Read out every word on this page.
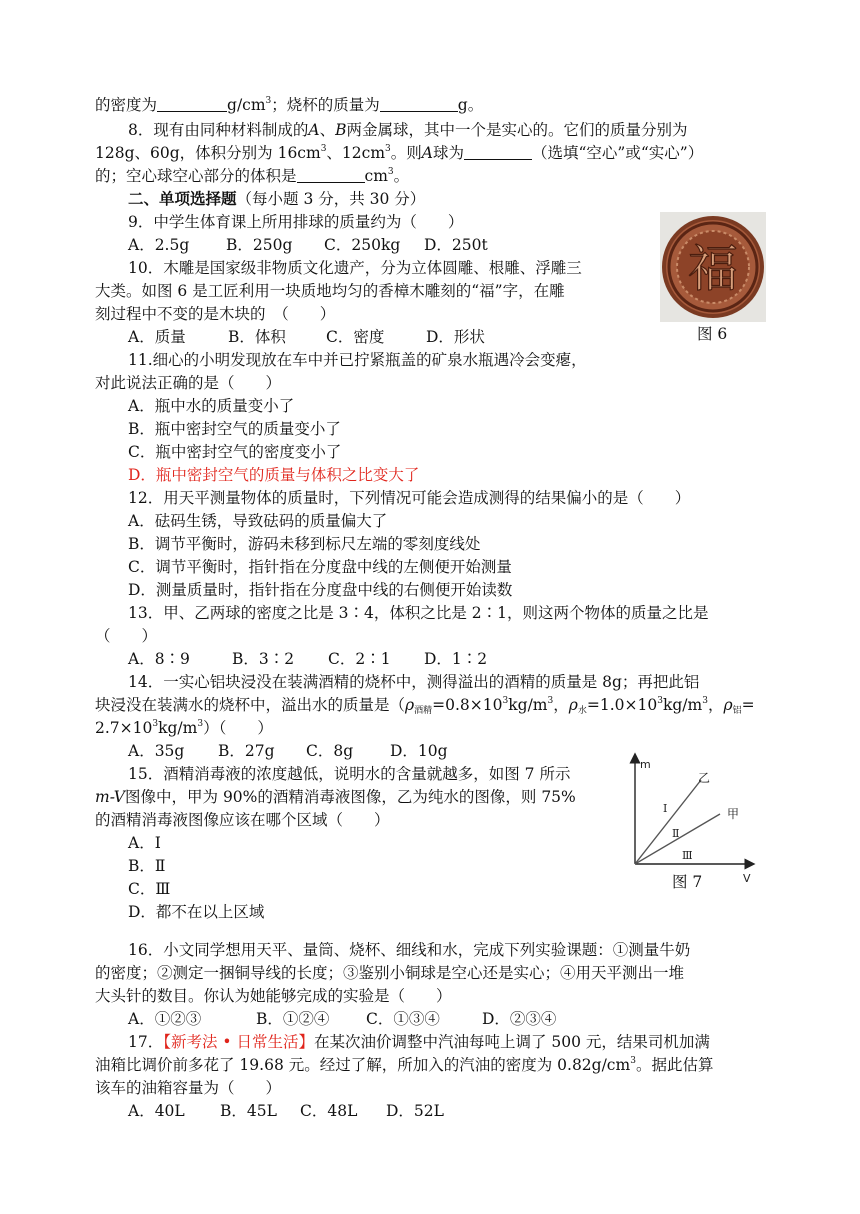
的密度为	$g/cm^3$；烧杯的质量为	g。
8．现有由同种材料制成的A、B两金属球，其中一个是实心的。它们的质量分别为
128g、60g，体积分别为 $16cm^3$、$12cm^3$。则A球为	（选填“空心”或“实心”）
的；空心球空心部分的体积是	$cm^3$。
二、单项选择题（每小题 3 分，共 30 分）
9．中学生体育课上所用排球的质量约为（　　）
A．2.5g B．250g C．250kg D．250t
10．木雕是国家级非物质文化遗产，分为立体圆雕、根雕、浮雕三
大类。如图 6 是工匠利用一块质地均匀的香樟木雕刻的“福”字，在雕
刻过程中不变的是木块的　（　　）
A．质量	B．体积	C．密度	D．形状
福
图 6
11.细心的小明发现放在车中并已拧紧瓶盖的矿泉水瓶遇冷会变瘪，
对此说法正确的是（　　）
A．瓶中水的质量变小了
B．瓶中密封空气的质量变小了
C．瓶中密封空气的密度变小了
D．瓶中密封空气的质量与体积之比变大了
12．用天平测量物体的质量时，下列情况可能会造成测得的结果偏小的是（　　）
A．砝码生锈，导致砝码的质量偏大了
B．调节平衡时，游码未移到标尺左端的零刻度线处
C．调节平衡时，指针指在分度盘中线的左侧便开始测量
D．测量质量时，指针指在分度盘中线的右侧便开始读数
13．甲、乙两球的密度之比是 3∶4，体积之比是 2∶1，则这两个物体的质量之比是
（　　）
A．8∶9	B．3∶2 C．2∶1 D．1∶2
14．一实心铝块浸没在装满酒精的烧杯中，测得溢出的酒精的质量是 8g；再把此铝
块浸没在装满水的烧杯中，溢出水的质量是（$\rho_{酒精}=0.8\times 10^3kg/m^3$，$\rho_水=1.0\times 10^3kg/m^3$，$\rho_铝=$
$2.7\times 10^3kg/m^3$）（　　）
A．35g B．27g C．8g D．10g
15．酒精消毒液的浓度越低，说明水的含量就越多，如图 7 所示
m-V图像中，甲为 90%的酒精消毒液图像，乙为纯水的图像，则 75%
的酒精消毒液图像应该在哪个区域（　　）
A．Ⅰ
B．Ⅱ
C．Ⅲ
D．都不在以上区域
m
V
乙
甲
Ⅰ
Ⅱ
Ⅲ
图 7
16．小文同学想用天平、量筒、烧杯、细线和水，完成下列实验课题：①测量牛奶
的密度；②测定一捆铜导线的长度；③鉴别小铜球是空心还是实心；④用天平测出一堆
大头针的数目。你认为她能够完成的实验是（　　）
A．①②③	B．①②④ C．①③④	D．②③④
17．【新考法 • 日常生活】在某次油价调整中汽油每吨上调了 500 元，结果司机加满
油箱比调价前多花了 19.68 元。经过了解，所加入的汽油的密度为 $0.82g/cm^3$。据此估算
该车的油箱容量为（　　）
A．40L B．45L C．48L D．52L
